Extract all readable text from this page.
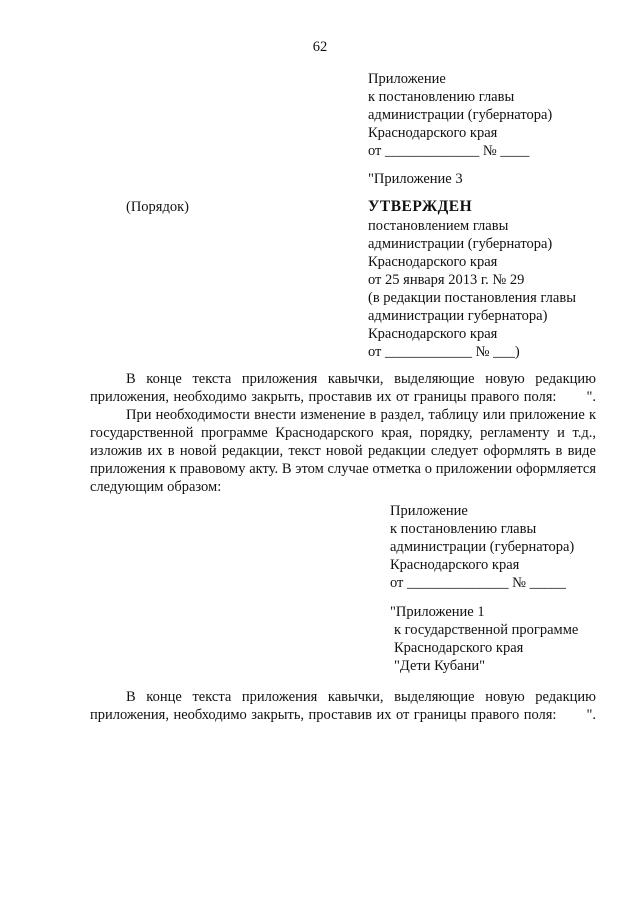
62
Приложение
к постановлению главы
администрации (губернатора)
Краснодарского края
от _____________ № ____
"Приложение 3
(Порядок)	УТВЕРЖДЕН
постановлением главы
администрации (губернатора)
Краснодарского края
от 25 января 2013 г. № 29
(в редакции постановления главы
администрации губернатора)
Краснодарского края
от ____________ № ___)

В конце текста приложения кавычки, выделяющие новую редакцию приложения, необходимо закрыть, проставив их от границы правого поля: ".

При необходимости внести изменение в раздел, таблицу или приложение к государственной программе Краснодарского края, порядку, регламенту и т.д., изложив их в новой редакции, текст новой редакции следует оформлять в виде приложения к правовому акту. В этом случае отметка о приложении оформляется следующим образом:

Приложение
к постановлению главы
администрации (губернатора)
Краснодарского края
от ______________ № _____
"Приложение 1
к государственной программе
Краснодарского края
"Дети Кубани"

В конце текста приложения кавычки, выделяющие новую редакцию приложения, необходимо закрыть, проставив их от границы правого поля: ".
